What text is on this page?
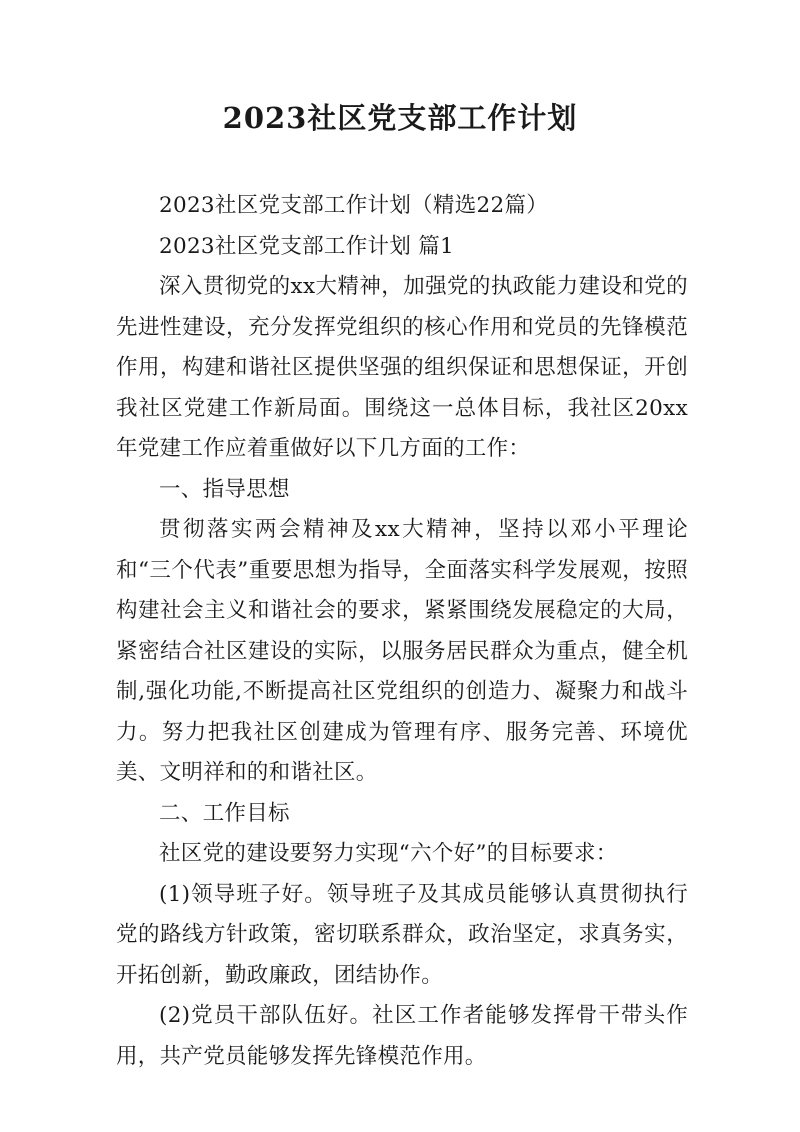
2023社区党支部工作计划

2023社区党支部工作计划（精选22篇）

2023社区党支部工作计划 篇1

深入贯彻党的xx大精神，加强党的执政能力建设和党的先进性建设，充分发挥党组织的核心作用和党员的先锋模范作用，构建和谐社区提供坚强的组织保证和思想保证，开创我社区党建工作新局面。围绕这一总体目标，我社区20xx年党建工作应着重做好以下几方面的工作：

一、指导思想

贯彻落实两会精神及xx大精神，坚持以邓小平理论和“三个代表”重要思想为指导，全面落实科学发展观，按照构建社会主义和谐社会的要求，紧紧围绕发展稳定的大局，紧密结合社区建设的实际，以服务居民群众为重点，健全机制,强化功能,不断提高社区党组织的创造力、凝聚力和战斗力。努力把我社区创建成为管理有序、服务完善、环境优美、文明祥和的和谐社区。

二、工作目标

社区党的建设要努力实现“六个好”的目标要求：

(1)领导班子好。领导班子及其成员能够认真贯彻执行党的路线方针政策，密切联系群众，政治坚定，求真务实，开拓创新，勤政廉政，团结协作。

(2)党员干部队伍好。社区工作者能够发挥骨干带头作用，共产党员能够发挥先锋模范作用。
